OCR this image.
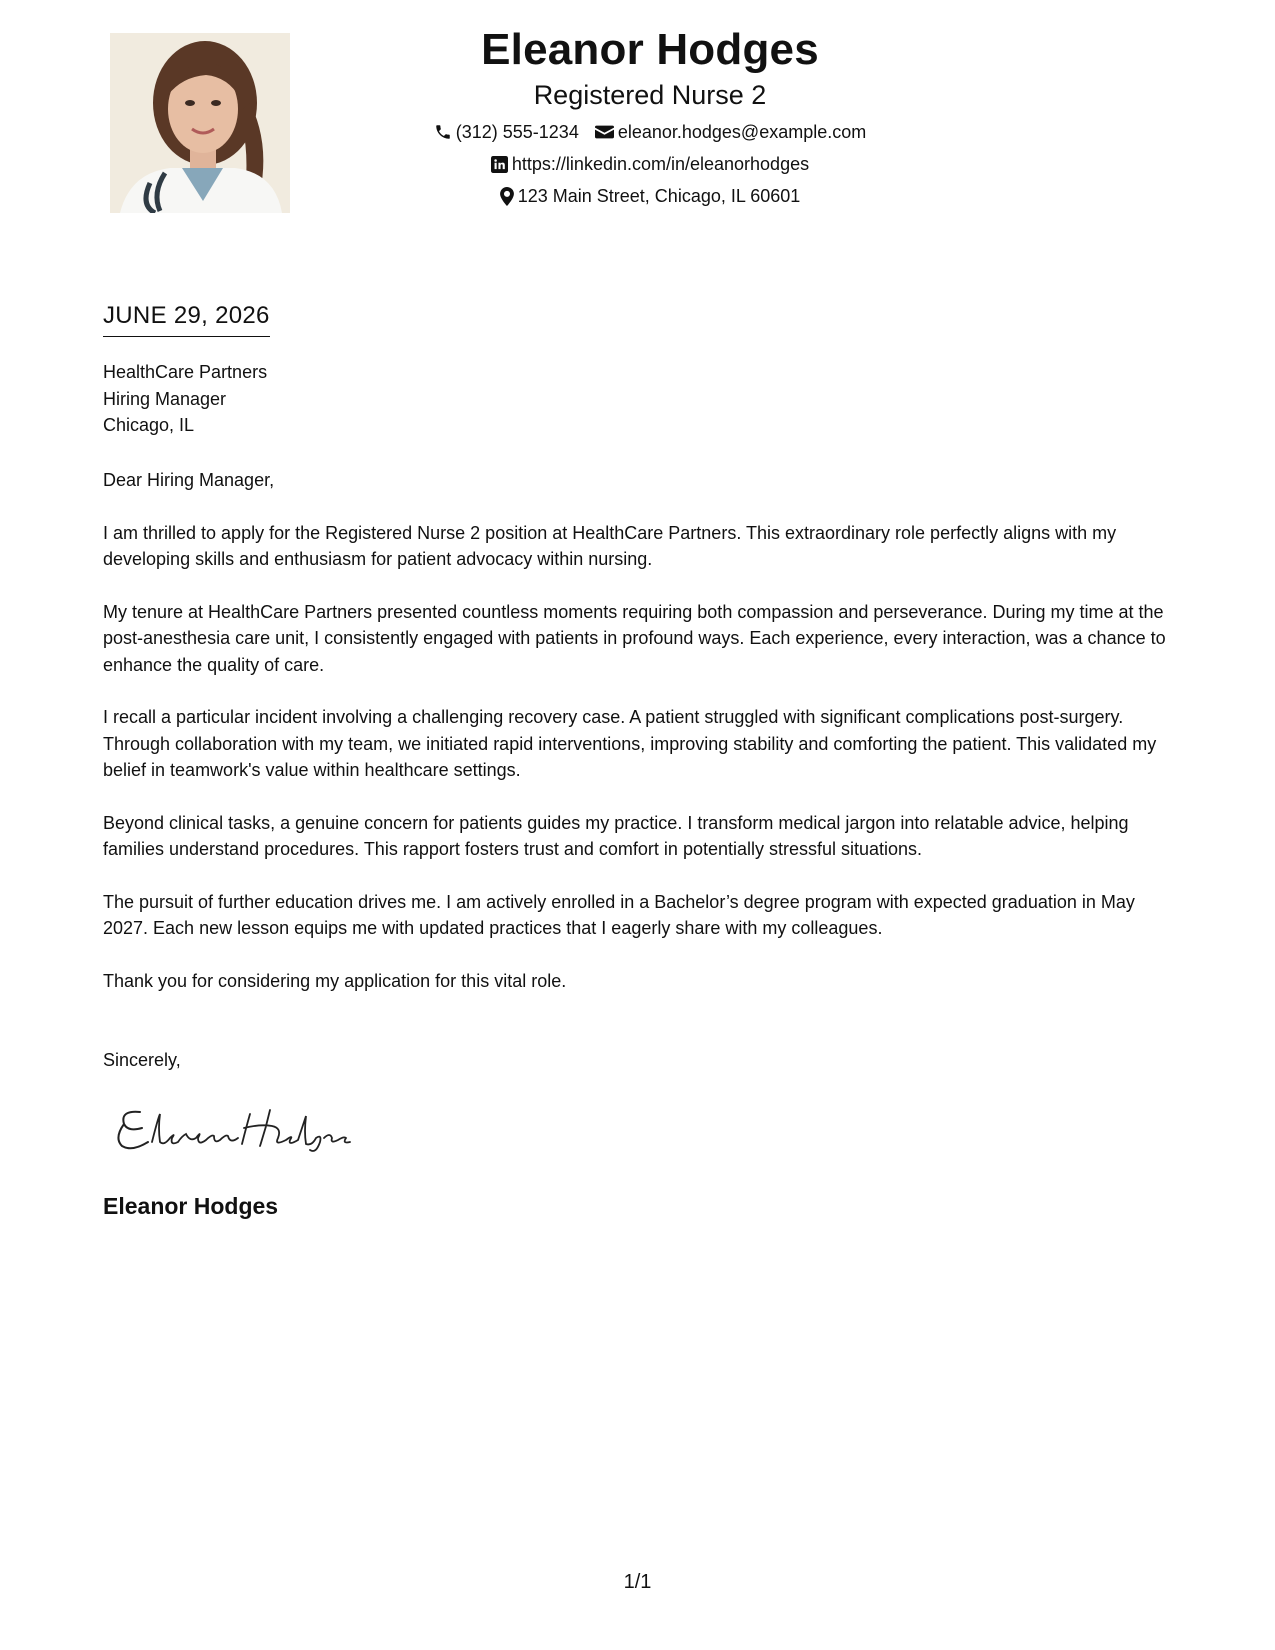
Eleanor Hodges
Registered Nurse 2
(312) 555-1234 eleanor.hodges@example.com
https://linkedin.com/in/eleanorhodges
123 Main Street, Chicago, IL 60601
JUNE 29, 2026
HealthCare Partners
Hiring Manager
Chicago, IL

Dear Hiring Manager,

I am thrilled to apply for the Registered Nurse 2 position at HealthCare Partners. This extraordinary role perfectly aligns with my developing skills and enthusiasm for patient advocacy within nursing.

My tenure at HealthCare Partners presented countless moments requiring both compassion and perseverance. During my time at the post-anesthesia care unit, I consistently engaged with patients in profound ways. Each experience, every interaction, was a chance to enhance the quality of care.

I recall a particular incident involving a challenging recovery case. A patient struggled with significant complications post-surgery. Through collaboration with my team, we initiated rapid interventions, improving stability and comforting the patient. This validated my belief in teamwork's value within healthcare settings.

Beyond clinical tasks, a genuine concern for patients guides my practice. I transform medical jargon into relatable advice, helping families understand procedures. This rapport fosters trust and comfort in potentially stressful situations.

The pursuit of further education drives me. I am actively enrolled in a Bachelor’s degree program with expected graduation in May 2027. Each new lesson equips me with updated practices that I eagerly share with my colleagues.

Thank you for considering my application for this vital role.

Sincerely,
Eleanor Hodges
1/1
